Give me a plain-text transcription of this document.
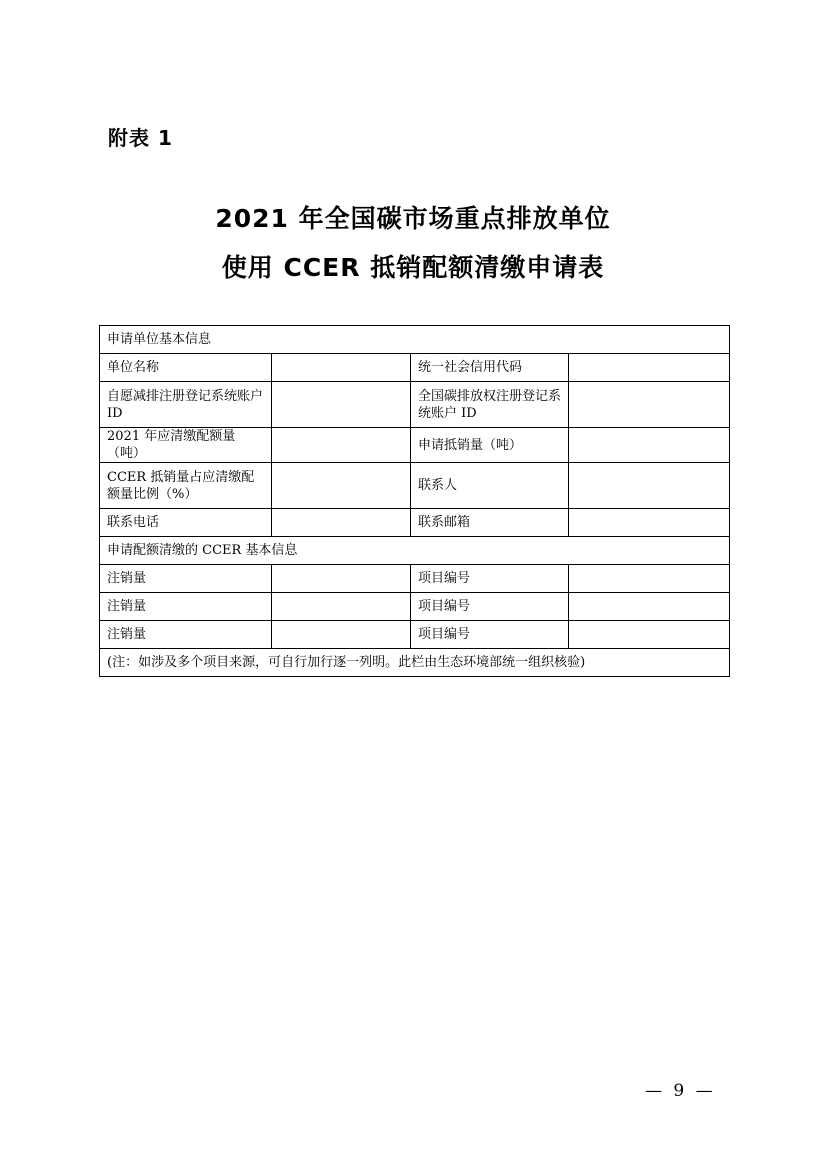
附表 1
2021 年全国碳市场重点排放单位
使用 CCER 抵销配额清缴申请表
申请单位基本信息			
单位名称		统一社会信用代码	
自愿减排注册登记系统账户 ID		全国碳排放权注册登记系统账户 ID	
2021 年应清缴配额量（吨）		申请抵销量（吨）	
CCER 抵销量占应清缴配额量比例（%）		联系人	
联系电话		联系邮箱	
申请配额清缴的 CCER 基本信息			
注销量		项目编号	
注销量		项目编号	
注销量		项目编号	
(注：如涉及多个项目来源，可自行加行逐一列明。此栏由生态环境部统一组织核验)			
— 9 —
